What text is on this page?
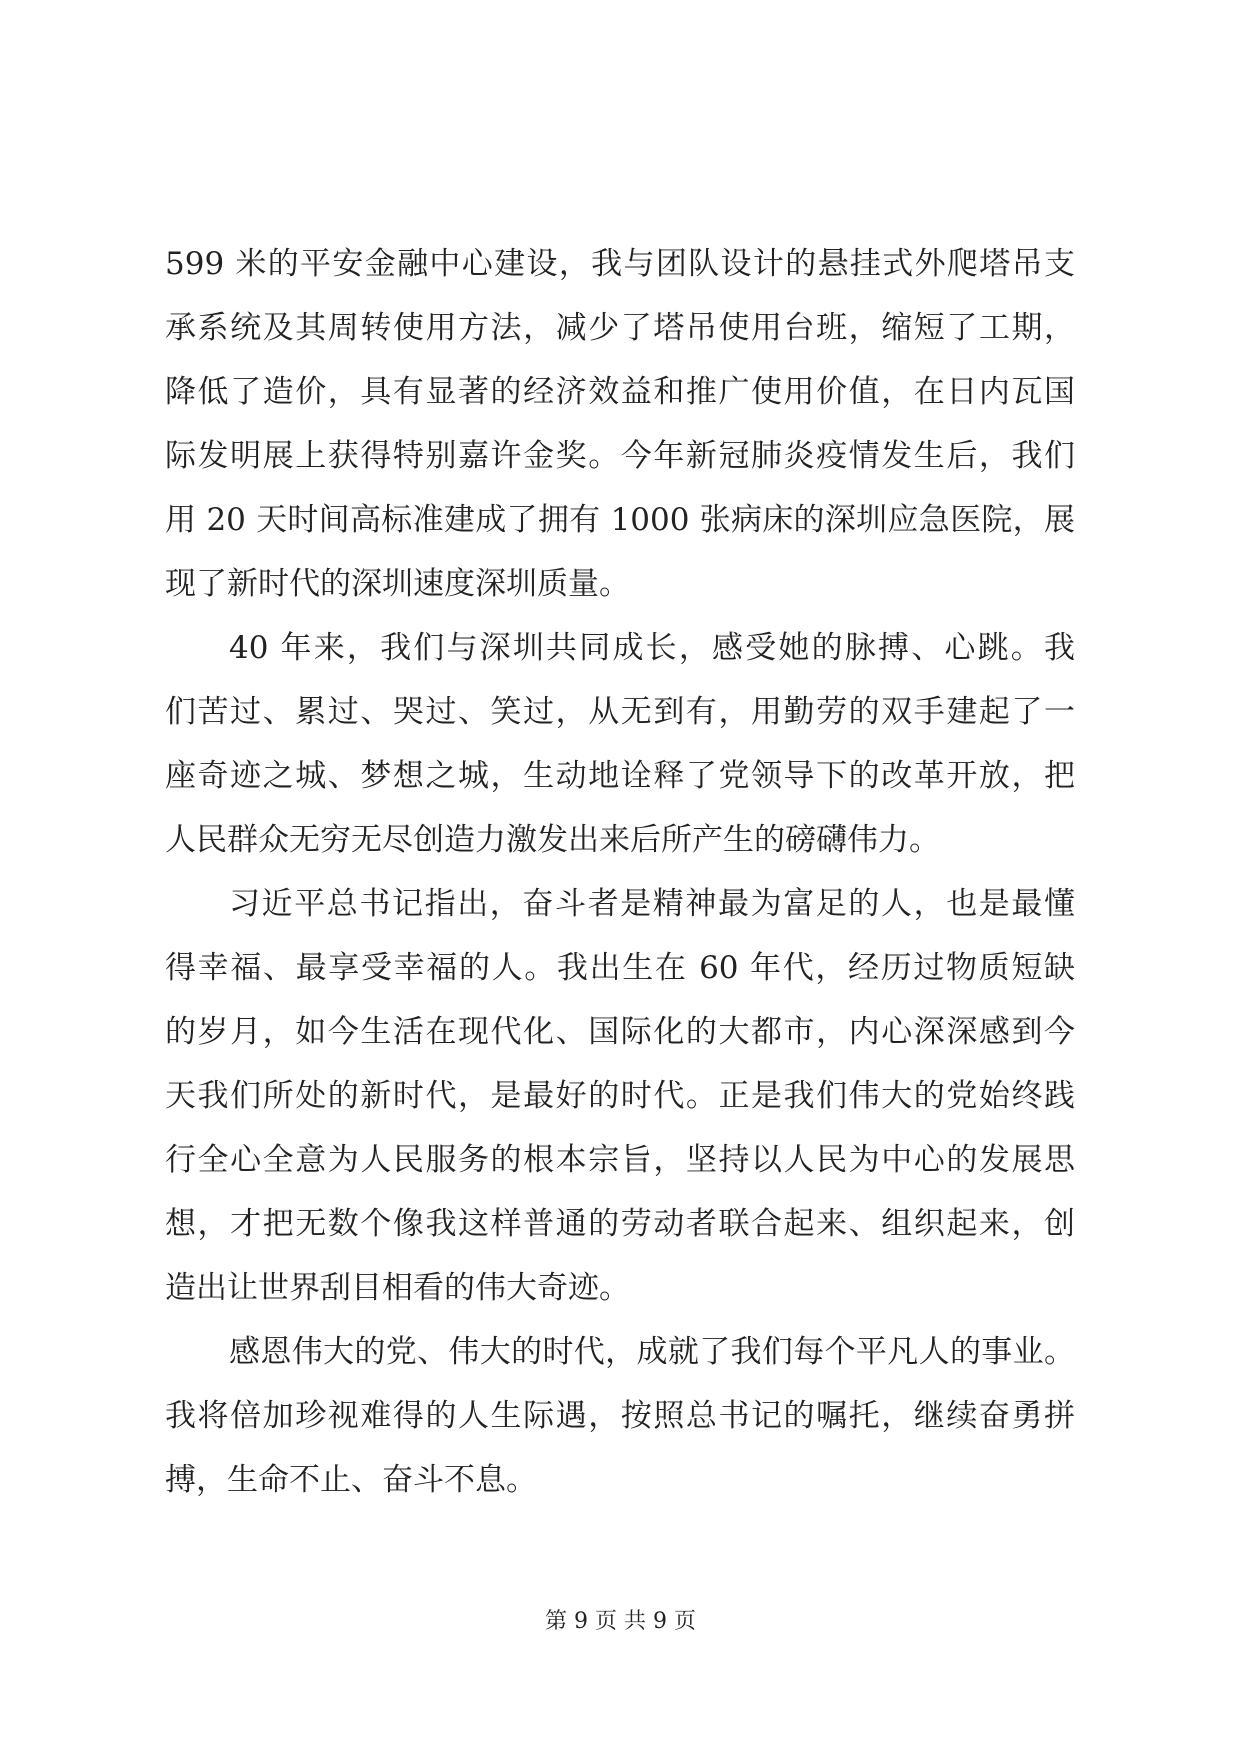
599 米的平安金融中心建设，我与团队设计的悬挂式外爬塔吊支
承系统及其周转使用方法，减少了塔吊使用台班，缩短了工期，
降低了造价，具有显著的经济效益和推广使用价值，在日内瓦国
际发明展上获得特别嘉许金奖。今年新冠肺炎疫情发生后，我们
用 20 天时间高标准建成了拥有 1000 张病床的深圳应急医院，展
现了新时代的深圳速度深圳质量。
40 年来，我们与深圳共同成长，感受她的脉搏、心跳。我
们苦过、累过、哭过、笑过，从无到有，用勤劳的双手建起了一
座奇迹之城、梦想之城，生动地诠释了党领导下的改革开放，把
人民群众无穷无尽创造力激发出来后所产生的磅礴伟力。
习近平总书记指出，奋斗者是精神最为富足的人，也是最懂
得幸福、最享受幸福的人。我出生在 60 年代，经历过物质短缺
的岁月，如今生活在现代化、国际化的大都市，内心深深感到今
天我们所处的新时代，是最好的时代。正是我们伟大的党始终践
行全心全意为人民服务的根本宗旨，坚持以人民为中心的发展思
想，才把无数个像我这样普通的劳动者联合起来、组织起来，创
造出让世界刮目相看的伟大奇迹。
感恩伟大的党、伟大的时代，成就了我们每个平凡人的事业。
我将倍加珍视难得的人生际遇，按照总书记的嘱托，继续奋勇拼
搏，生命不止、奋斗不息。
第 9 页 共 9 页
